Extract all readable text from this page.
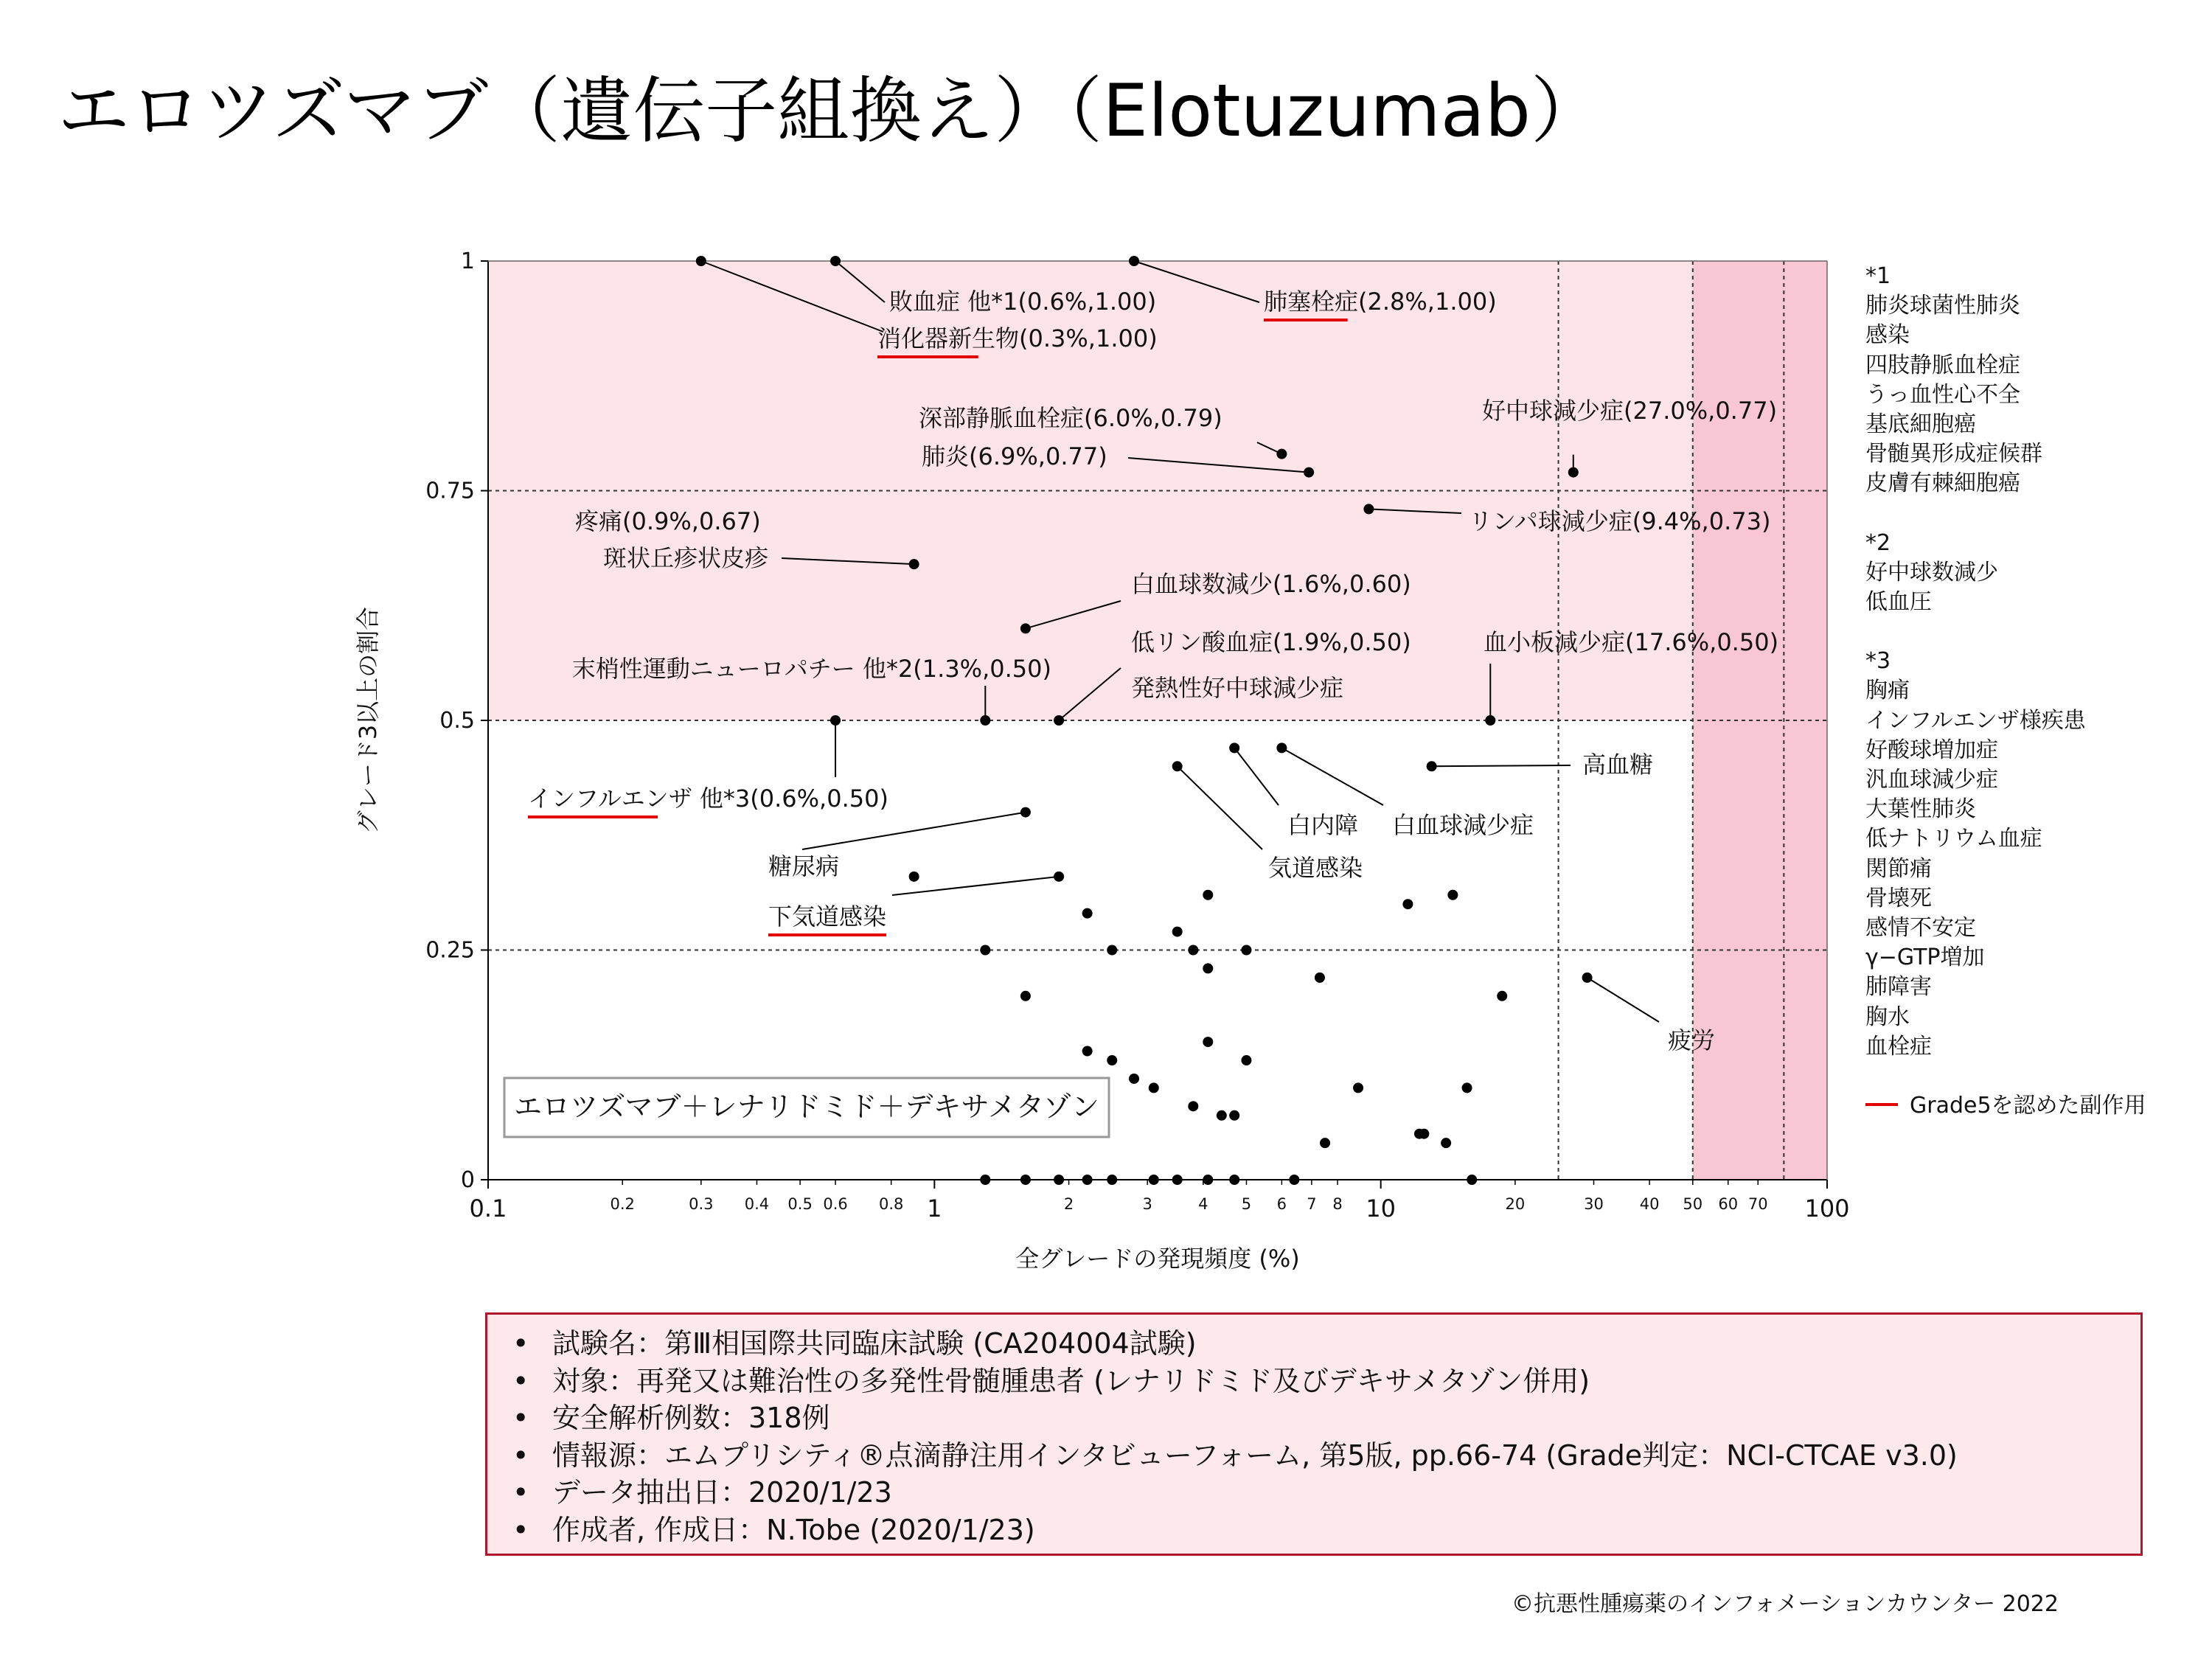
エロツズマブ（遺伝子組換え）（Elotuzumab）
0
0.25
0.5
0.75
1
0.1	1	10	100
0.2	0.3 0.4 0.5 0.6 0.8	2	3	4 5 6 7 8	20	30 40 50 60 70
全グレードの発現頻度 (%)
グレード3以上の割合
敗血症 他*1(0.6%,1.00)
消化器新生物(0.3%,1.00)
肺塞栓症(2.8%,1.00)
深部静脈血栓症(6.0%,0.79)
肺炎(6.9%,0.77)
好中球減少症(27.0%,0.77)
リンパ球減少症(9.4%,0.73)
疼痛(0.9%,0.67)
斑状丘疹状皮疹
白血球数減少(1.6%,0.60)
低リン酸血症(1.9%,0.50)
発熱性好中球減少症
末梢性運動ニューロパチー 他*2(1.3%,0.50)
血小板減少症(17.6%,0.50)
インフルエンザ 他*3(0.6%,0.50)
高血糖
白内障 白血球減少症
気道感染
糖尿病
下気道感染
疲労
エロツズマブ＋レナリドミド＋デキサメタゾン
*1
肺炎球菌性肺炎
感染
四肢静脈血栓症
うっ血性心不全
基底細胞癌
骨髄異形成症候群
皮膚有棘細胞癌
*2
好中球数減少
低血圧
*3
胸痛
インフルエンザ様疾患
好酸球増加症
汎血球減少症
大葉性肺炎
低ナトリウム血症
関節痛
骨壊死
感情不安定
γ−GTP増加
肺障害
胸水
血栓症
Grade5を認めた副作用
• 試験名：第Ⅲ相国際共同臨床試験 (CA204004試験)
• 対象：再発又は難治性の多発性骨髄腫患者 (レナリドミド及びデキサメタゾン併用)
• 安全解析例数：318例
• 情報源：エムプリシティ®点滴静注用インタビューフォーム, 第5版, pp.66-74 (Grade判定：NCI-CTCAE v3.0)
• データ抽出日：2020/1/23
• 作成者, 作成日：N.Tobe (2020/1/23)
©抗悪性腫瘍薬のインフォメーションカウンター 2022
